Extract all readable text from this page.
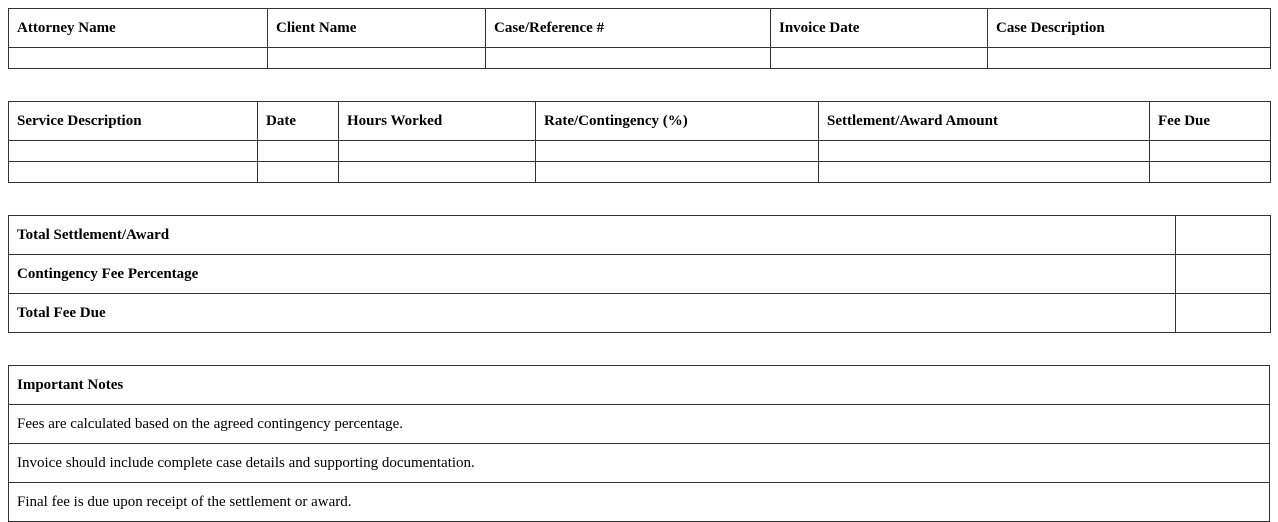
Attorney Name	Client Name	Case/Reference #	Invoice Date	Case Description

Service Description	Date	Hours Worked	Rate/Contingency (%)	Settlement/Award Amount	Fee Due

Total Settlement/Award	
Contingency Fee Percentage	
Total Fee Due	
Important Notes
Fees are calculated based on the agreed contingency percentage.
Invoice should include complete case details and supporting documentation.
Final fee is due upon receipt of the settlement or award.
